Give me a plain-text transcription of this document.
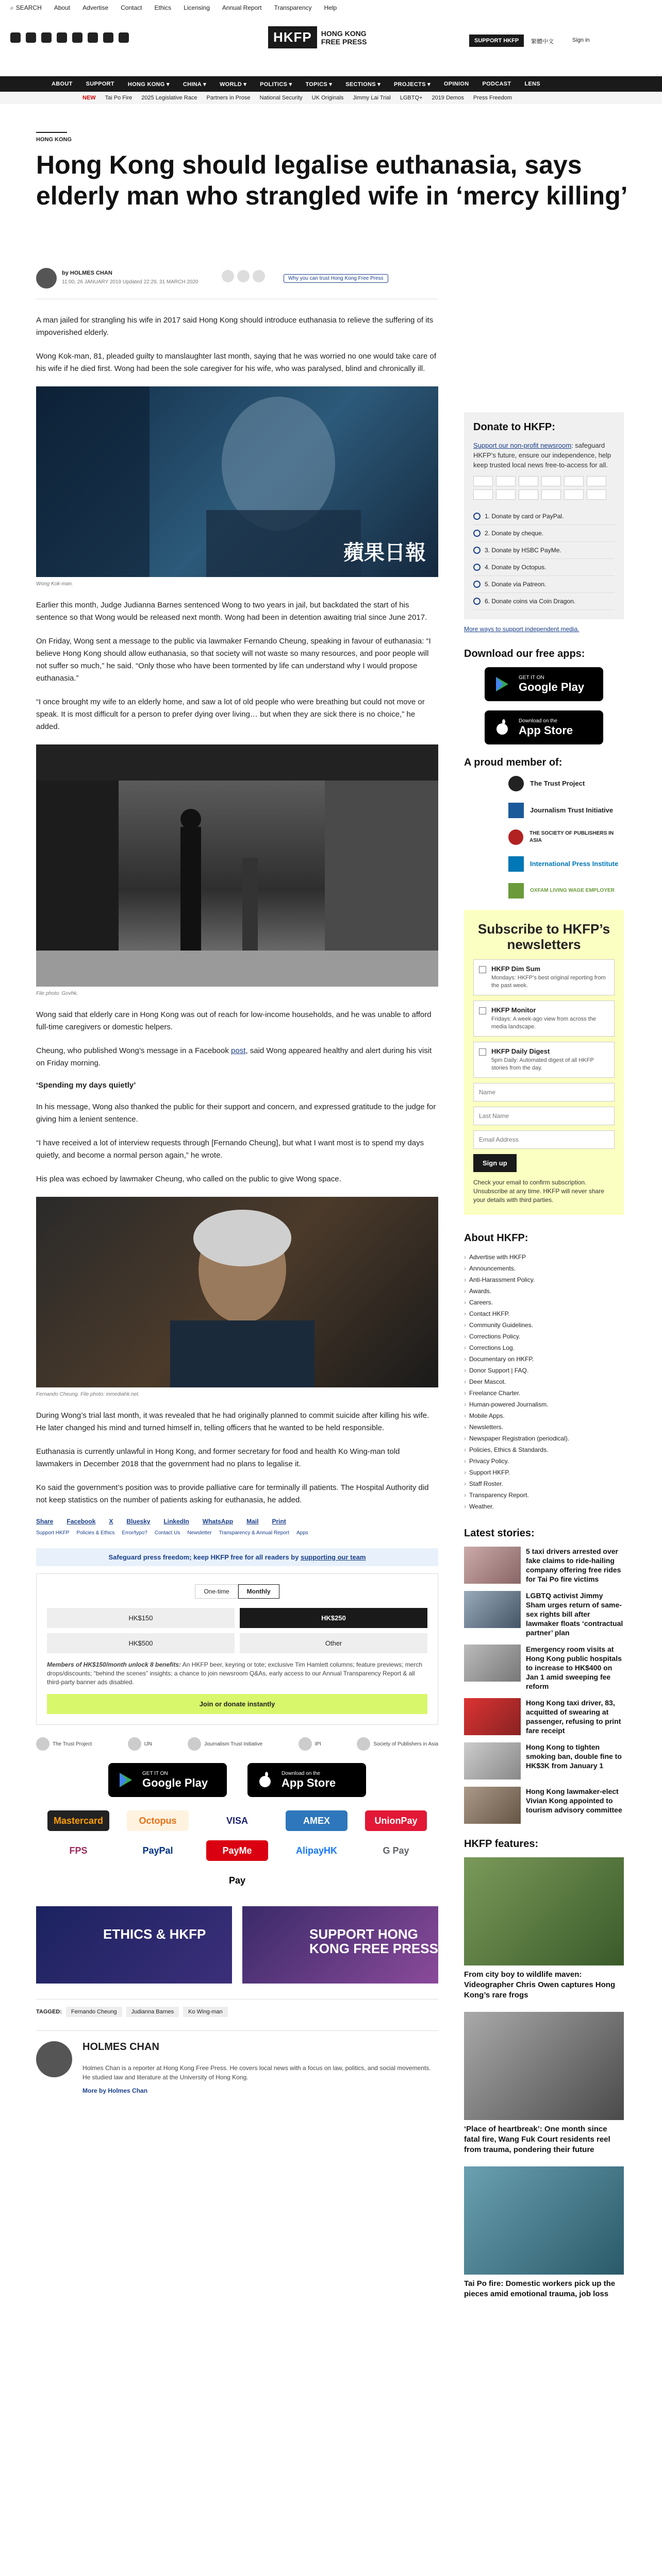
⌕ SEARCH About Advertise Contact Ethics Licensing Annual Report Transparency Help
HKFP	HONG KONG
FREE PRESS	SUPPORT HKFP	繁體中文	Sign in
ABOUT SUPPORT HONG KONG ▾ CHINA ▾ WORLD ▾ POLITICS ▾ TOPICS ▾ SECTIONS ▾ PROJECTS ▾ OPINION PODCAST LENS
NEW Tai Po Fire 2025 Legislative Race Partners in Prose National Security UK Originals Jimmy Lai Trial LGBTQ+ 2019 Demos Press Freedom
HONG KONG
Hong Kong should legalise euthanasia, says elderly man who strangled wife in ‘mercy killing’
by HOLMES CHAN
11:00, 26 JANUARY 2019 Updated 22:29, 31 MARCH 2020
Why you can trust Hong Kong Free Press

A man jailed for strangling his wife in 2017 said Hong Kong should introduce euthanasia to relieve the suffering of its impoverished elderly.

Wong Kok-man, 81, pleaded guilty to manslaughter last month, saying that he was worried no one would take care of his wife if he died first. Wong had been the sole caregiver for his wife, who was paralysed, blind and chronically ill.

蘋果日報
Wong Kok-man.

Earlier this month, Judge Judianna Barnes sentenced Wong to two years in jail, but backdated the start of his sentence so that Wong would be released next month. Wong had been in detention awaiting trial since June 2017.

On Friday, Wong sent a message to the public via lawmaker Fernando Cheung, speaking in favour of euthanasia: “I believe Hong Kong should allow euthanasia, so that society will not waste so many resources, and poor people will not suffer so much,” he said. “Only those who have been tormented by life can understand why I would propose euthanasia.”

“I once brought my wife to an elderly home, and saw a lot of old people who were breathing but could not move or speak. It is most difficult for a person to prefer dying over living… but when they are sick there is no choice,” he added.

File photo: Govhk.

Wong said that elderly care in Hong Kong was out of reach for low-income households, and he was unable to afford full-time caregivers or domestic helpers.

Cheung, who published Wong’s message in a Facebook post, said Wong appeared healthy and alert during his visit on Friday morning.

‘Spending my days quietly’

In his message, Wong also thanked the public for their support and concern, and expressed gratitude to the judge for giving him a lenient sentence.

“I have received a lot of interview requests through [Fernando Cheung], but what I want most is to spend my days quietly, and become a normal person again,” he wrote.

His plea was echoed by lawmaker Cheung, who called on the public to give Wong space.

Fernando Cheung. File photo: inmediahk.net.

During Wong’s trial last month, it was revealed that he had originally planned to commit suicide after killing his wife. He later changed his mind and turned himself in, telling officers that he wanted to be held responsible.

Euthanasia is currently unlawful in Hong Kong, and former secretary for food and health Ko Wing-man told lawmakers in December 2018 that the government had no plans to legalise it.

Ko said the government’s position was to provide palliative care for terminally ill patients. The Hospital Authority did not keep statistics on the number of patients asking for euthanasia, he added.

Share Facebook X Bluesky LinkedIn WhatsApp Mail Print
Support HKFP Policies & Ethics Error/typo? Contact Us Newsletter Transparency & Annual Report Apps
Safeguard press freedom; keep HKFP free for all readers by supporting our team
One-time	Monthly
HK$150	HK$250
HK$500	Other

Members of HK$150/month unlock 8 benefits: An HKFP beer, keyring or tote; exclusive Tim Hamlett columns; feature previews; merch drops/discounts; “behind the scenes” insights; a chance to join newsroom Q&As, early access to our Annual Transparency Report & all third-party banner ads disabled.

Join or donate instantly
The Trust Project	IJN	Journalism Trust Initiative	IPI	Society of Publishers in Asia
GET IT ON
Google Play
Download on the
App Store
Mastercard	Octopus	VISA	AMEX	UnionPay
FPS	PayPal	PayMe	AlipayHK	G Pay
Pay
ETHICS & HKFP	SUPPORT HONG KONG FREE PRESS
TAGGED:	Fernando Cheung	Judianna Barnes	Ko Wing-man
HOLMES CHAN

Holmes Chan is a reporter at Hong Kong Free Press. He covers local news with a focus on law, politics, and social movements. He studied law and literature at the University of Hong Kong.

More by Holmes Chan
Donate to HKFP:

Support our non-profit newsroom: safeguard HKFP’s future, ensure our independence, help keep trusted local news free-to-access for all.

1. Donate by card or PayPal.
2. Donate by cheque.
3. Donate by HSBC PayMe.
4. Donate by Octopus.
5. Donate via Patreon.
6. Donate coins via Coin Dragon.
More ways to support independent media.
Download our free apps:
GET IT ON
Google Play
Download on the
App Store
A proud member of:
The Trust Project
Journalism Trust Initiative
THE SOCIETY OF PUBLISHERS IN ASIA
International Press Institute
OXFAM LIVING WAGE EMPLOYER
Subscribe to HKFP’s newsletters
HKFP Dim Sum
Mondays: HKFP’s best original reporting from the past week.
HKFP Monitor
Fridays: A week-ago view from across the media landscape.
HKFP Daily Digest
5pm Daily: Automated digest of all HKFP stories from the day.
Name
Last Name
Email Address
Sign up

Check your email to confirm subscription. Unsubscribe at any time. HKFP will never share your details with third parties.

About HKFP:
› Advertise with HKFP
› Announcements.
› Anti-Harassment Policy.
› Awards.
› Careers.
› Contact HKFP.
› Community Guidelines.
› Corrections Policy.
› Corrections Log.
› Documentary on HKFP.
› Donor Support | FAQ.
› Deer Mascot.
› Freelance Charter.
› Human-powered Journalism.
› Mobile Apps.
› Newsletters.
› Newspaper Registration (periodical).
› Policies, Ethics & Standards.
› Privacy Policy.
› Support HKFP.
› Staff Roster.
› Transparency Report.
› Weather.
Latest stories:
5 taxi drivers arrested over fake claims to ride-hailing company offering free rides for Tai Po fire victims
LGBTQ activist Jimmy Sham urges return of same-sex rights bill after lawmaker floats ‘contractual partner’ plan
Emergency room visits at Hong Kong public hospitals to increase to HK$400 on Jan 1 amid sweeping fee reform
Hong Kong taxi driver, 83, acquitted of swearing at passenger, refusing to print fare receipt
Hong Kong to tighten smoking ban, double fine to HK$3K from January 1
Hong Kong lawmaker-elect Vivian Kong appointed to tourism advisory committee
HKFP features:
From city boy to wildlife maven: Videographer Chris Owen captures Hong Kong’s rare frogs
‘Place of heartbreak’: One month since fatal fire, Wang Fuk Court residents reel from trauma, pondering their future
Tai Po fire: Domestic workers pick up the pieces amid emotional trauma, job loss
